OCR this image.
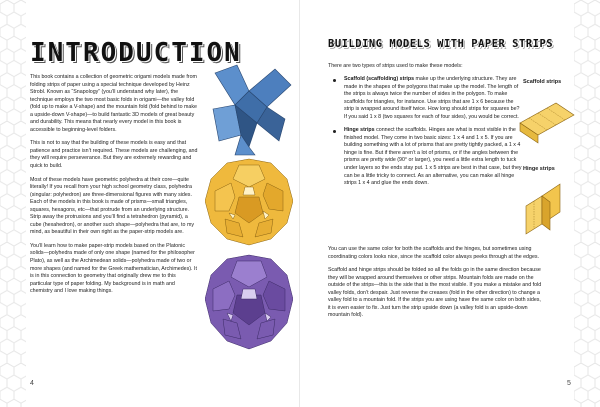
INTRODUCTION

This book contains a collection of geometric origami models made from folding strips of paper using a special technique developed by Heinz Strobl. Known as “Snapology” (you’ll understand why later), the technique employs the two most basic folds in origami—the valley fold (fold up to make a V-shape) and the mountain fold (fold behind to make a upside-down V-shape)—to build fantastic 3D models of great beauty and durability. This means that nearly every model in this book is accessible to beginning-level folders.

This is not to say that the building of these models is easy and that patience and practice isn’t required. These models are challenging, and they will require perseverance. But they are extremely rewarding and quick to build.

Most of these models have geometric polyhedra at their core—quite literally! If you recall from your high school geometry class, polyhedra (singular: polyhedron) are three-dimensional figures with many sides. Each of the models in this book is made of prisms—small triangles, squares, hexagons, etc—that protrude from an underlying structure. Strip away the protrusions and you’ll find a tetrahedron (pyramid), a cube (hexahedron), or another such shape—polyhedra that are, to my mind, as beautiful in their own right as the paper-strip models are.

You’ll learn how to make paper-strip models based on the Platonic solids—polyhedra made of only one shape (named for the philosopher Plato), as well as the Archimedean solids—polyhedra made of two or more shapes (and named for the Greek mathematician, Archimedes). It is in this connection to geometry that originally drew me to this particular type of paper folding. My background is in math and chemistry and I love making things.

4
BUILDING MODELS WITH PAPER STRIPS

There are two types of strips used to make these models:

Scaffold (scaffolding) strips make up the underlying structure. They are made in the shapes of the polygons that make up the model. The length of the strips is always twice the number of sides in the polygon. To make scaffolds for triangles, for instance. Use strips that are 1 x 6 because the strip is wrapped around itself twice. How long should strips for squares be? If you said 1 x 8 (two squares for each of four sides), you would be correct.
Hinge strips connect the scaffolds. Hinges are what is most visible in the finished model. They come in two basic sizes: 1 x 4 and 1 x 5. If you are building something with a lot of prisms that are pretty tightly packed, a 1 x 4 hinge is fine. But if there aren’t a lot of prisms, or if the angles between the prisms are pretty wide (90° or larger), you need a little extra length to tuck under layers so the ends stay put. 1 x 5 strips are best in that case, but they can be a little tricky to connect. As an alternative, you can make all hinge strips 1 x 4 and glue the ends down.

You can use the same color for both the scaffolds and the hinges, but sometimes using coordinating colors looks nice, since the scaffold color always peeks through at the edges.

Scaffold and hinge strips should be folded so all the folds go in the same direction because they will be wrapped around themselves or other strips. Mountain folds are made on the outside of the strips—this is the side that is the most visible. If you make a mistake and fold valley folds, don’t despair. Just reverse the creases (fold in the other direction) to change a valley fold to a mountain fold. If the strips you are using have the same color on both sides, it is even easier to fix. Just turn the strip upside down (a valley fold is an upside-down mountain fold).

Scaffold strips
Hinge strips
5
